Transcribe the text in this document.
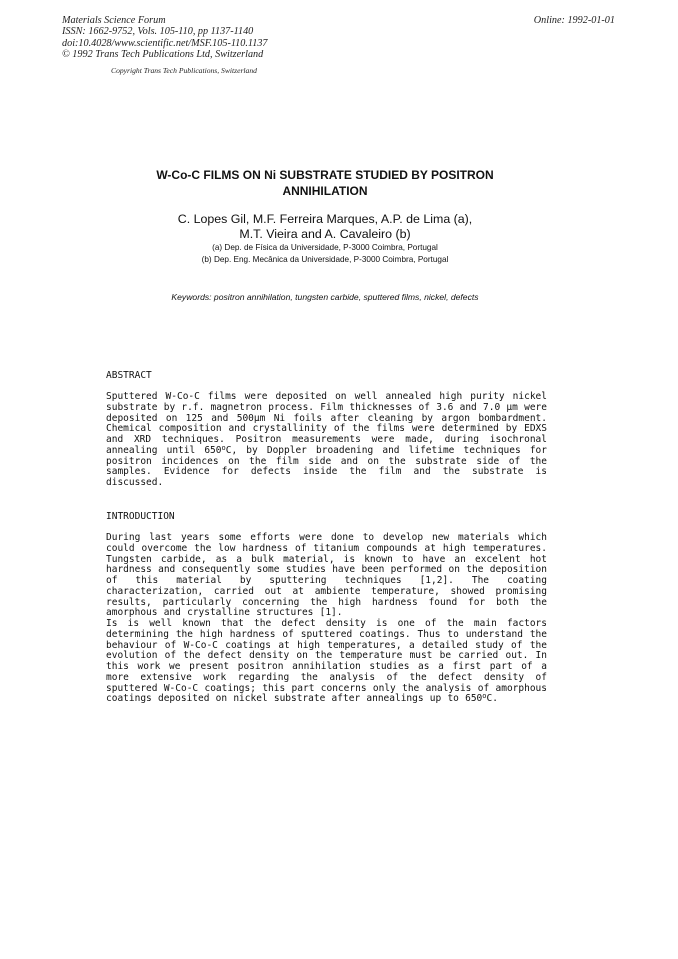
Materials Science Forum
ISSN: 1662-9752, Vols. 105-110, pp 1137-1140
doi:10.4028/www.scientific.net/MSF.105-110.1137
© 1992 Trans Tech Publications Ltd, Switzerland
Online: 1992-01-01
Copyright Trans Tech Publications, Switzerland
W-Co-C FILMS ON Ni SUBSTRATE STUDIED BY POSITRON
ANNIHILATION
C. Lopes Gil, M.F. Ferreira Marques, A.P. de Lima (a),
M.T. Vieira and A. Cavaleiro (b)
(a) Dep. de Física da Universidade, P-3000 Coimbra, Portugal
(b) Dep. Eng. Mecânica da Universidade, P-3000 Coimbra, Portugal
Keywords: positron annihilation, tungsten carbide, sputtered films, nickel, defects
ABSTRACT
Sputtered W-Co-C films were deposited on well annealed high purity nickel substrate by r.f. magnetron process. Film thicknesses of 3.6 and 7.0 μm were deposited on 125 and 500μm Ni foils after cleaning by argon bombardment. Chemical composition and crystallinity of the films were determined by EDXS and XRD techniques. Positron measurements were made, during isochronal annealing until 650$^o$C, by Doppler broadening and lifetime techniques for positron incidences on the film side and on the substrate side of the samples. Evidence for defects inside the film and the substrate is discussed.
INTRODUCTION
During last years some efforts were done to develop new materials which could overcome the low hardness of titanium compounds at high temperatures. Tungsten carbide, as a bulk material, is known to have an excelent hot hardness and consequently some studies have been performed on the deposition of this material by sputtering techniques [1,2]. The coating characterization, carried out at ambiente temperature, showed promising results, particularly concerning the high hardness found for both the amorphous and crystalline structures [1].
Is is well known that the defect density is one of the main factors determining the high hardness of sputtered coatings. Thus to understand the behaviour of W-Co-C coatings at high temperatures, a detailed study of the evolution of the defect density on the temperature must be carried out. In this work we present positron annihilation studies as a first part of a more extensive work regarding the analysis of the defect density of sputtered W-Co-C coatings; this part concerns only the analysis of amorphous coatings deposited on nickel substrate after annealings up to 650$^o$C.
